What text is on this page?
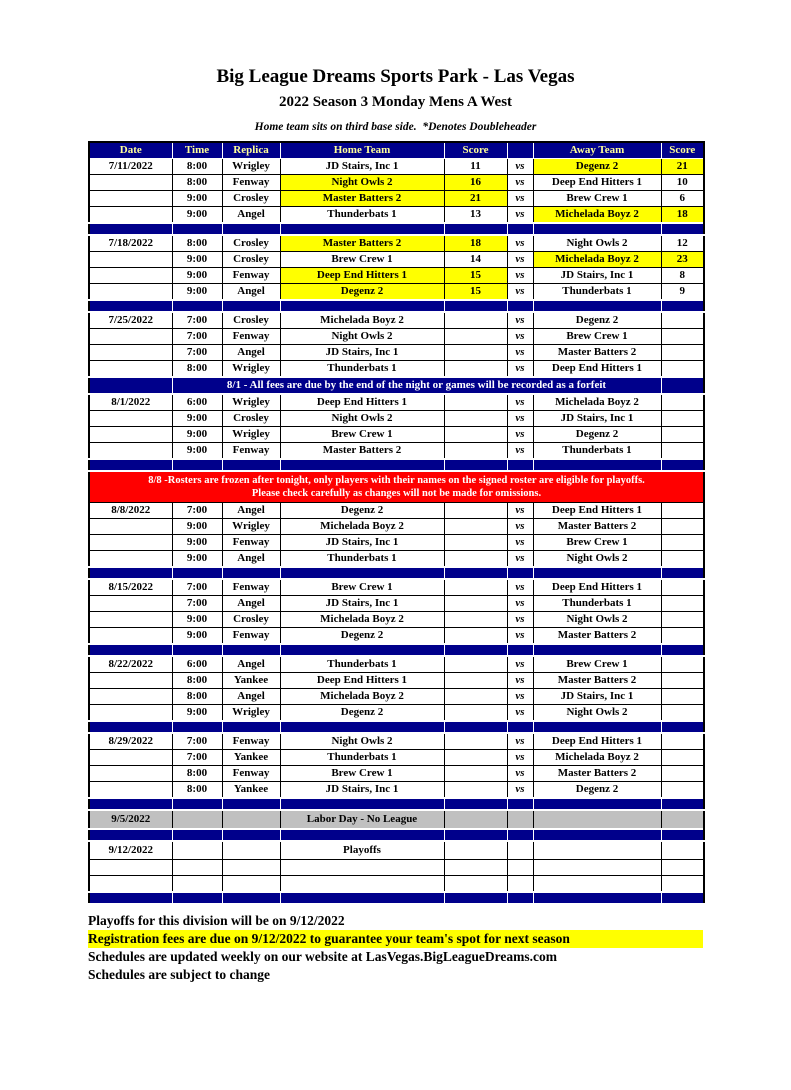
Big League Dreams Sports Park - Las Vegas
2022 Season 3 Monday Mens A West
Home team sits on third base side.  *Denotes Doubleheader
Date	Time	Replica	Home Team	Score		Away Team	Score
7/11/2022	8:00	Wrigley	JD Stairs, Inc 1	11	vs	Degenz 2	21
	8:00	Fenway	Night Owls 2	16	vs	Deep End Hitters 1	10
	9:00	Crosley	Master Batters 2	21	vs	Brew Crew 1	6
	9:00	Angel	Thunderbats 1	13	vs	Michelada Boyz 2	18

7/18/2022	8:00	Crosley	Master Batters 2	18	vs	Night Owls 2	12
	9:00	Crosley	Brew Crew 1	14	vs	Michelada Boyz 2	23
	9:00	Fenway	Deep End Hitters 1	15	vs	JD Stairs, Inc 1	8
	9:00	Angel	Degenz 2	15	vs	Thunderbats 1	9

7/25/2022	7:00	Crosley	Michelada Boyz 2		vs	Degenz 2	
	7:00	Fenway	Night Owls 2		vs	Brew Crew 1	
	7:00	Angel	JD Stairs, Inc 1		vs	Master Batters 2	
	8:00	Wrigley	Thunderbats 1		vs	Deep End Hitters 1	
	8/1 - All fees are due by the end of the night or games will be recorded as a forfeit						
8/1/2022	6:00	Wrigley	Deep End Hitters 1		vs	Michelada Boyz 2	
	9:00	Crosley	Night Owls 2		vs	JD Stairs, Inc 1	
	9:00	Wrigley	Brew Crew 1		vs	Degenz 2	
	9:00	Fenway	Master Batters 2		vs	Thunderbats 1	

8/8 -Rosters are frozen after tonight, only players with their names on the signed roster are eligible for playoffs.
Please check carefully as changes will not be made for omissions.							

8/8/2022	7:00	Angel	Degenz 2		vs	Deep End Hitters 1	
	9:00	Wrigley	Michelada Boyz 2		vs	Master Batters 2	
	9:00	Fenway	JD Stairs, Inc 1		vs	Brew Crew 1	
	9:00	Angel	Thunderbats 1		vs	Night Owls 2	

8/15/2022	7:00	Fenway	Brew Crew 1		vs	Deep End Hitters 1	
	7:00	Angel	JD Stairs, Inc 1		vs	Thunderbats 1	
	9:00	Crosley	Michelada Boyz 2		vs	Night Owls 2	
	9:00	Fenway	Degenz 2		vs	Master Batters 2	

8/22/2022	6:00	Angel	Thunderbats 1		vs	Brew Crew 1	
	8:00	Yankee	Deep End Hitters 1		vs	Master Batters 2	
	8:00	Angel	Michelada Boyz 2		vs	JD Stairs, Inc 1	
	9:00	Wrigley	Degenz 2		vs	Night Owls 2	

8/29/2022	7:00	Fenway	Night Owls 2		vs	Deep End Hitters 1	
	7:00	Yankee	Thunderbats 1		vs	Michelada Boyz 2	
	8:00	Fenway	Brew Crew 1		vs	Master Batters 2	
	8:00	Yankee	JD Stairs, Inc 1		vs	Degenz 2	

9/5/2022			Labor Day - No League				

9/12/2022			Playoffs				

Playoffs for this division will be on 9/12/2022
Registration fees are due on 9/12/2022 to guarantee your team's spot for next season
Schedules are updated weekly on our website at LasVegas.BigLeagueDreams.com
Schedules are subject to change
